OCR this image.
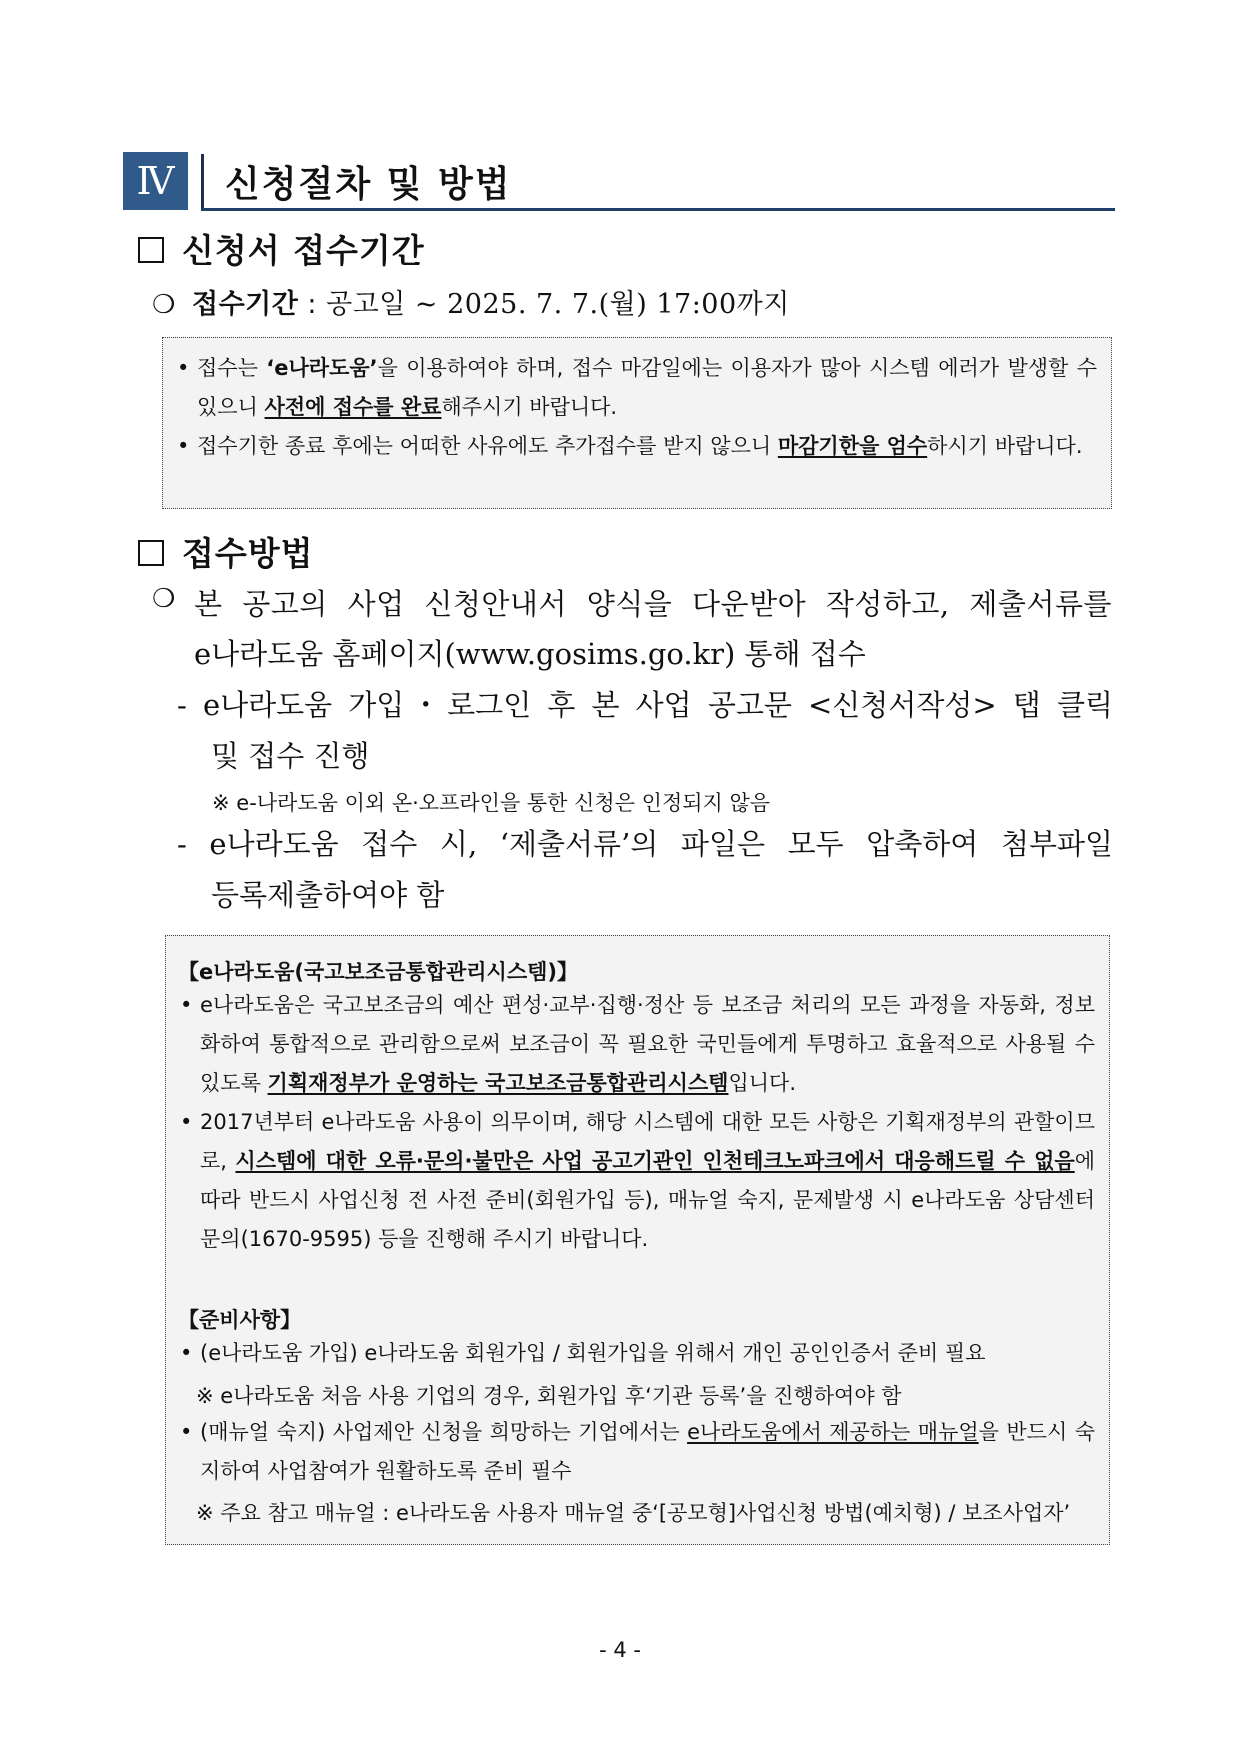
Ⅳ	신청절차 및 방법
신청서 접수기간
❍ 접수기간 : 공고일 ~ 2025. 7. 7.(월) 17:00까지
• 접수는 ‘e나라도움’을 이용하여야 하며, 접수 마감일에는 이용자가 많아 시스템 에러가 발생할 수 있으니 사전에 접수를 완료해주시기 바랍니다.
• 접수기한 종료 후에는 어떠한 사유에도 추가접수를 받지 않으니 마감기한을 엄수하시기 바랍니다.
접수방법
❍ 본 공고의 사업 신청안내서 양식을 다운받아 작성하고, 제출서류를
e나라도움 홈페이지(www.gosims.go.kr) 통해 접수
- e나라도움 가입・로그인 후 본 사업 공고문 <신청서작성> 탭 클릭
및 접수 진행
※ e-나라도움 이외 온·오프라인을 통한 신청은 인정되지 않음
- e나라도움 접수 시, ‘제출서류’의 파일은 모두 압축하여 첨부파일
등록제출하여야 함
【e나라도움(국고보조금통합관리시스템)】
• e나라도움은 국고보조금의 예산 편성·교부·집행·정산 등 보조금 처리의 모든 과정을 자동화, 정보화하여 통합적으로 관리함으로써 보조금이 꼭 필요한 국민들에게 투명하고 효율적으로 사용될 수 있도록 기획재정부가 운영하는 국고보조금통합관리시스템입니다.
• 2017년부터 e나라도움 사용이 의무이며, 해당 시스템에 대한 모든 사항은 기획재정부의 관할이므로, 시스템에 대한 오류·문의·불만은 사업 공고기관인 인천테크노파크에서 대응해드릴 수 없음에 따라 반드시 사업신청 전 사전 준비(회원가입 등), 매뉴얼 숙지, 문제발생 시 e나라도움 상담센터 문의(1670-9595) 등을 진행해 주시기 바랍니다.
【준비사항】
• (e나라도움 가입) e나라도움 회원가입 / 회원가입을 위해서 개인 공인인증서 준비 필요
※ e나라도움 처음 사용 기업의 경우, 회원가입 후‘기관 등록’을 진행하여야 함
• (매뉴얼 숙지) 사업제안 신청을 희망하는 기업에서는 e나라도움에서 제공하는 매뉴얼을 반드시 숙지하여 사업참여가 원활하도록 준비 필수
※ 주요 참고 매뉴얼 : e나라도움 사용자 매뉴얼 중‘[공모형]사업신청 방법(예치형) / 보조사업자’
- 4 -
